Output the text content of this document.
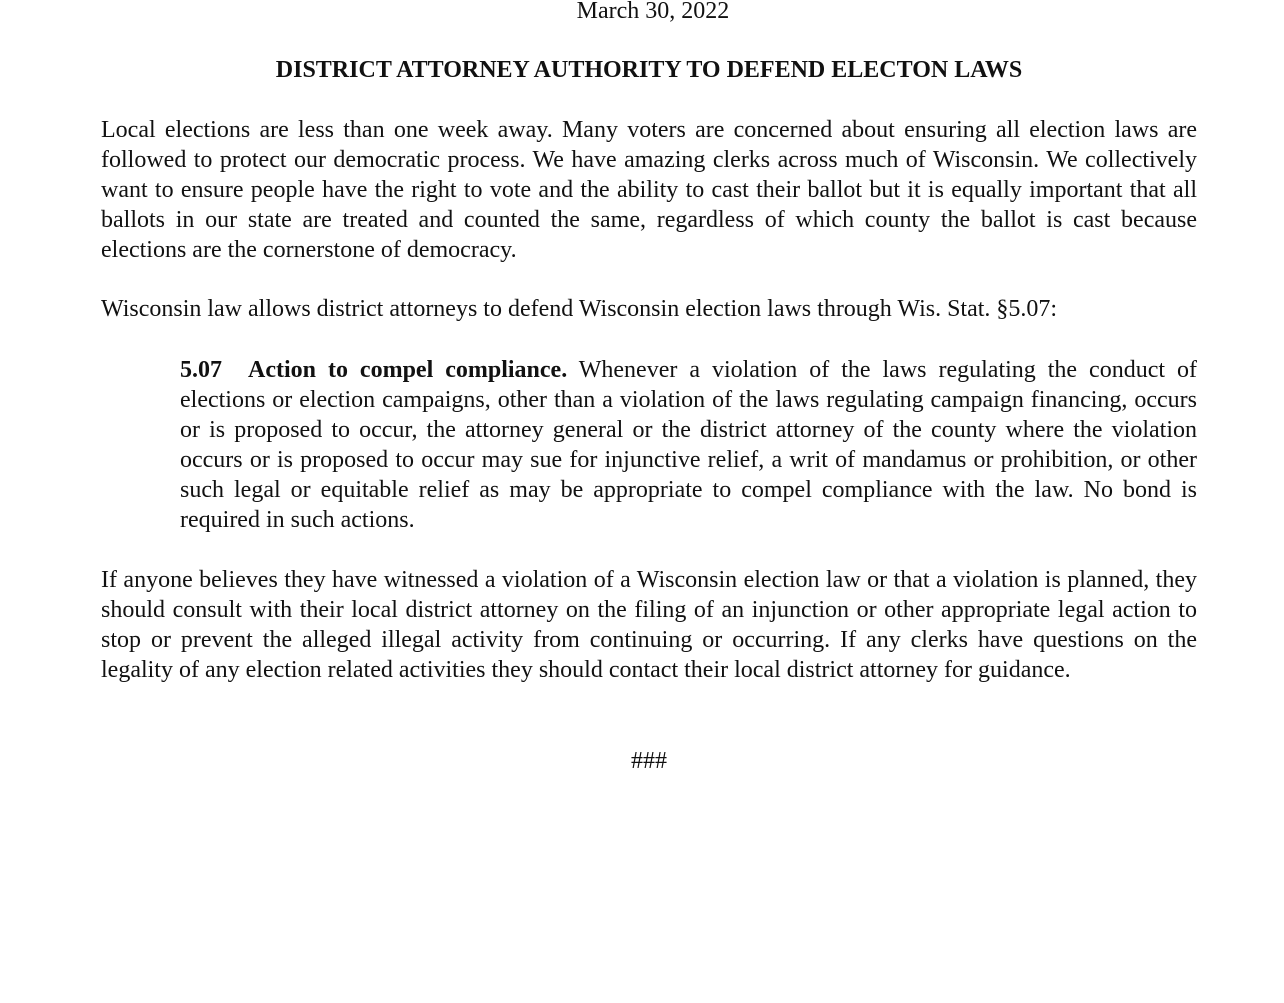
March 30, 2022
DISTRICT ATTORNEY AUTHORITY TO DEFEND ELECTON LAWS

Local elections are less than one week away. Many voters are concerned about ensuring all election laws are followed to protect our democratic process. We have amazing clerks across much of Wisconsin. We collectively want to ensure people have the right to vote and the ability to cast their ballot but it is equally important that all ballots in our state are treated and counted the same, regardless of which county the ballot is cast because elections are the cornerstone of democracy.

Wisconsin law allows district attorneys to defend Wisconsin election laws through Wis. Stat. §5.07:

5.07 Action to compel compliance. Whenever a violation of the laws regulating the conduct of elections or election campaigns, other than a violation of the laws regulating campaign financing, occurs or is proposed to occur, the attorney general or the district attorney of the county where the violation occurs or is proposed to occur may sue for injunctive relief, a writ of mandamus or prohibition, or other such legal or equitable relief as may be appropriate to compel compliance with the law. No bond is required in such actions.

If anyone believes they have witnessed a violation of a Wisconsin election law or that a violation is planned, they should consult with their local district attorney on the filing of an injunction or other appropriate legal action to stop or prevent the alleged illegal activity from continuing or occurring. If any clerks have questions on the legality of any election related activities they should contact their local district attorney for guidance.

###
